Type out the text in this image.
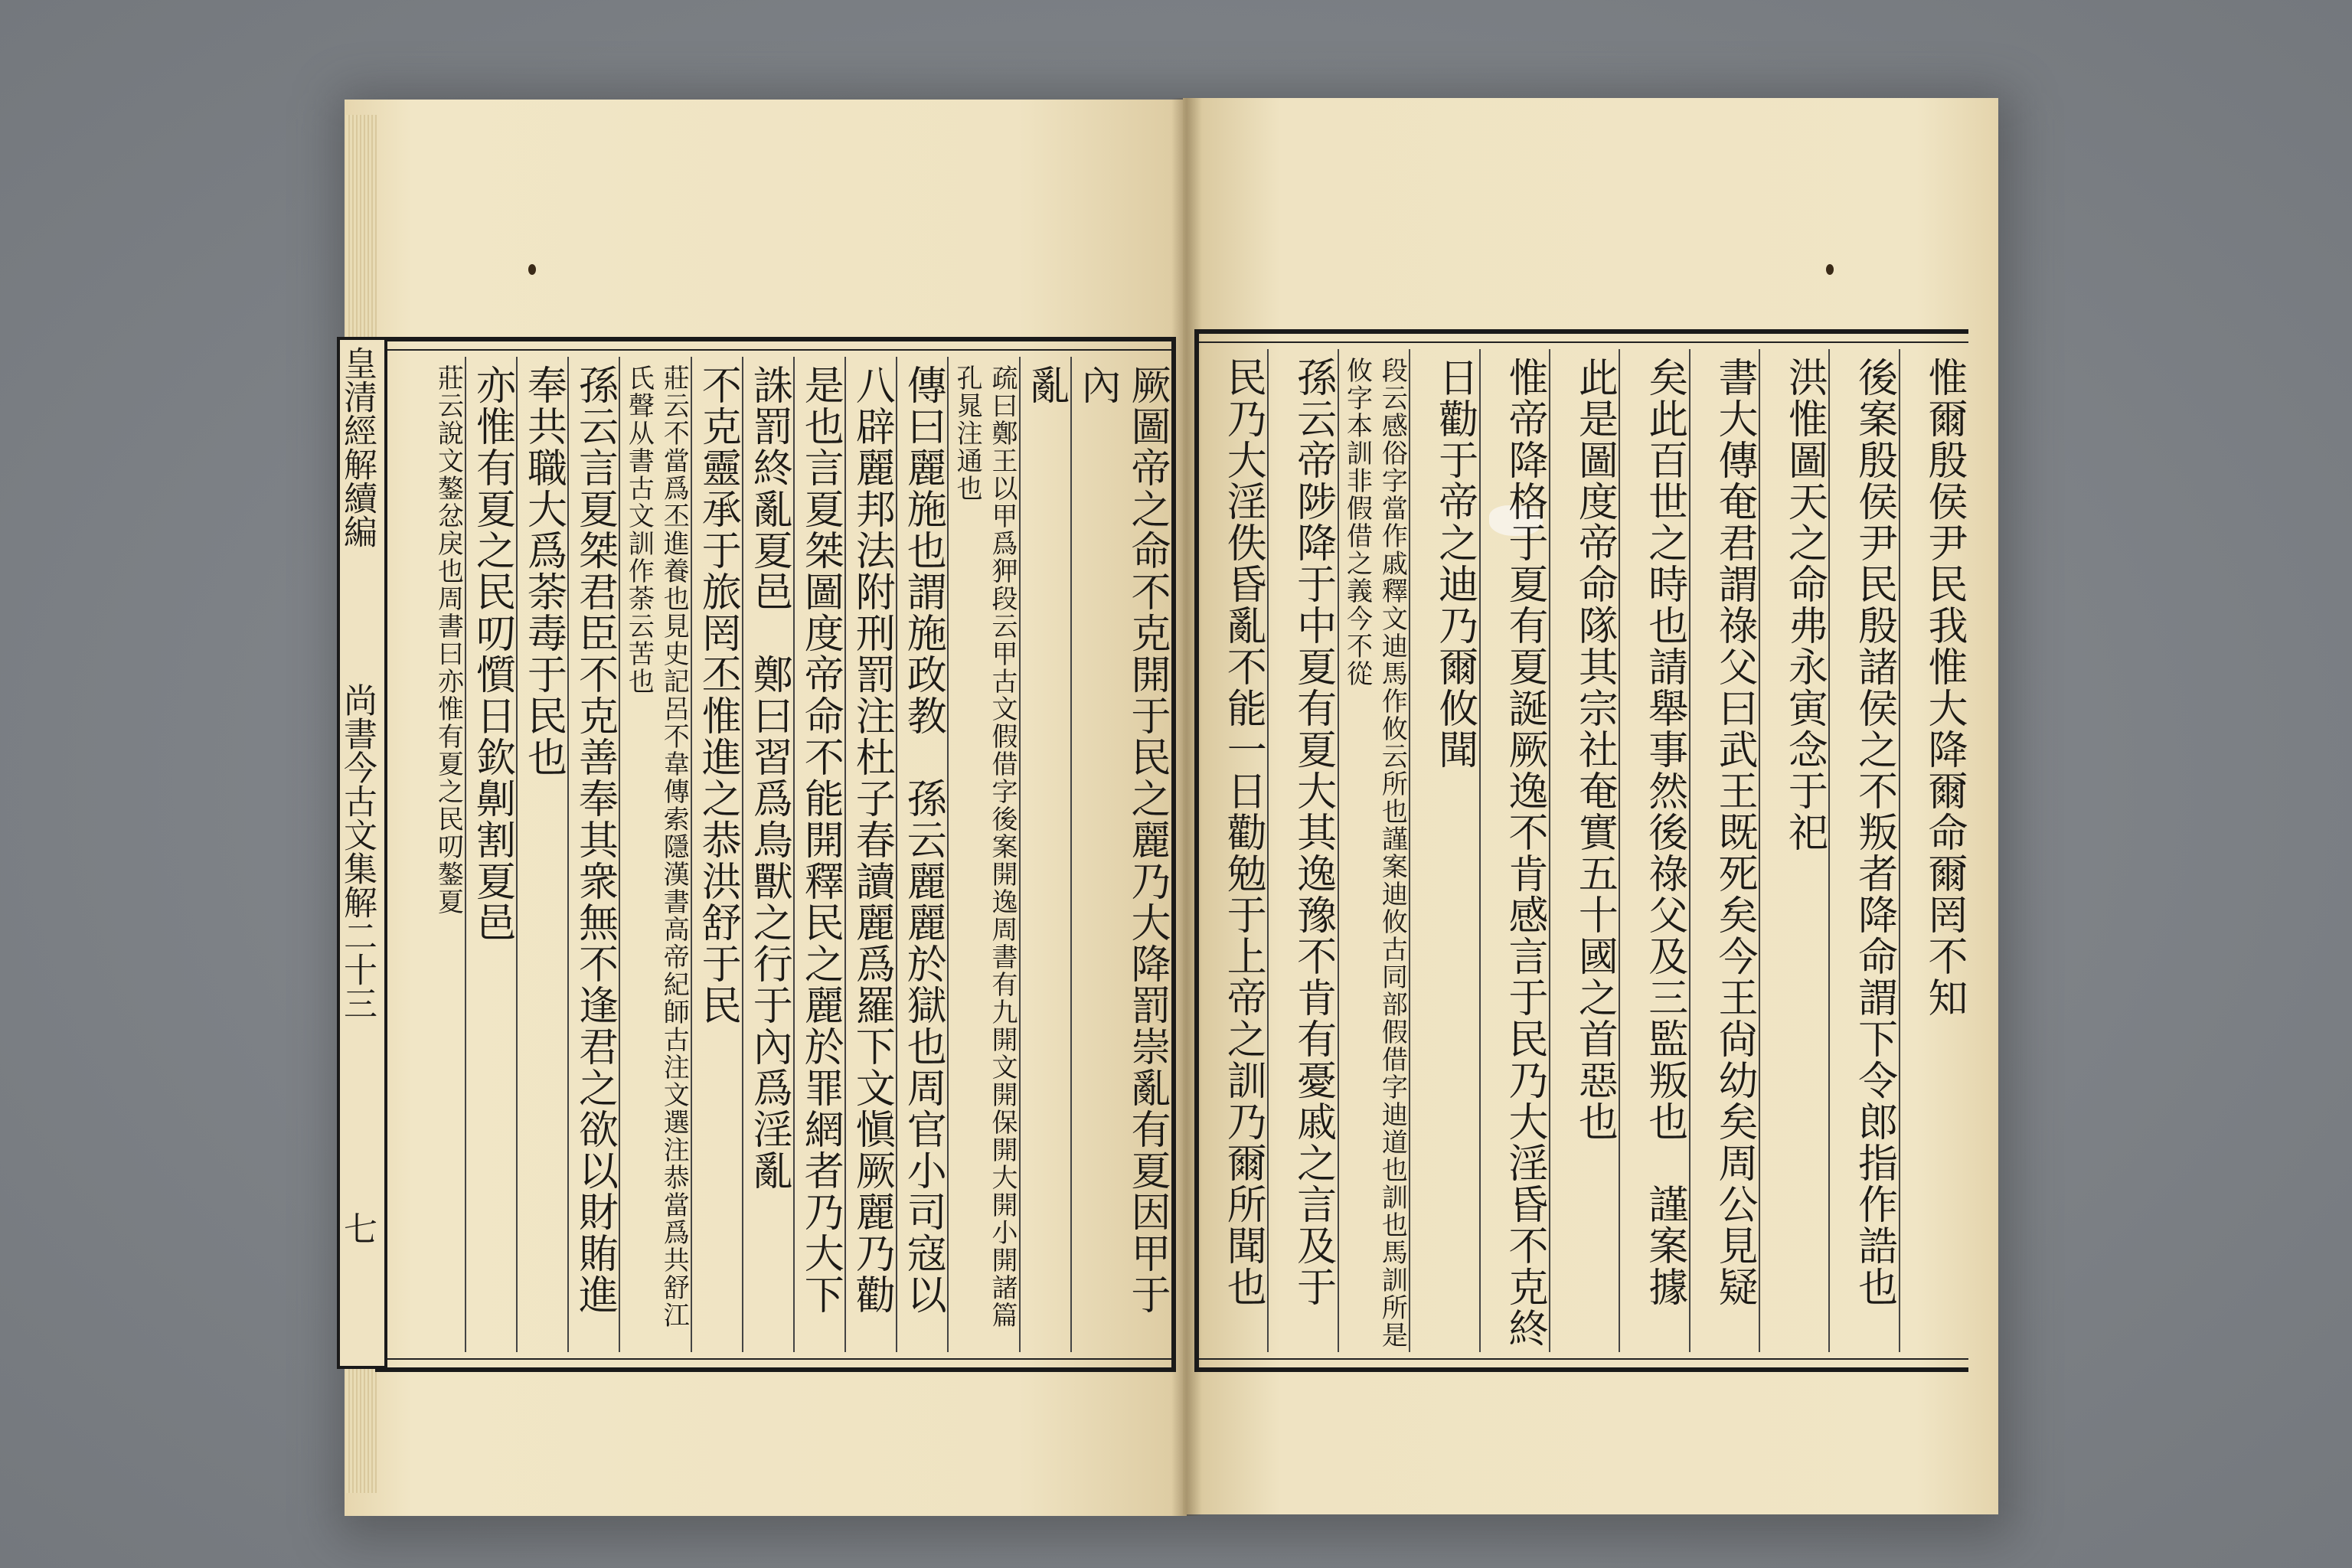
惟爾殷侯尹民我惟大降爾命爾罔不知
後案殷侯尹民殷諸侯之不叛者降命謂下令郎指作誥也
洪惟圖天之命弗永寅念于祀
書大傳奄君謂祿父曰武王既死矣今王尙幼矣周公見疑
矣此百世之時也請舉事然後祿父及三監叛也　謹案據
此是圖度帝命隊其宗社奄實五十國之首惡也
惟帝降格于夏有夏誕厥逸不肯感言于民乃大淫昏不克終
日勸于帝之迪乃爾攸聞
段云感俗字當作戚釋文迪馬作攸云所也謹案迪攸古同部假借字迪道也訓也馬訓所是攸字本訓非假借之義今不從
孫云帝陟降于中夏有夏大其逸豫不肯有憂戚之言及于
民乃大淫佚昏亂不能一日勸勉于上帝之訓乃爾所聞也
厥圖帝之命不克開于民之麗乃大降罰崇亂有夏因甲于內
亂
疏曰鄭王以甲爲狎段云甲古文假借字後案開逸周書有九開文開保開大開小開諸篇孔晁注通也
傳曰麗施也謂施政教　孫云麗麗於獄也周官小司寇以
八辟麗邦法附刑罰注杜子春讀麗爲羅下文愼厥麗乃勸
是也言夏桀圖度帝命不能開釋民之麗於罪網者乃大下
誅罰終亂夏邑　鄭曰習爲鳥獸之行于內爲淫亂
不克靈承于旅罔丕惟進之恭洪舒于民
莊云不當爲丕進養也見史記呂不韋傳索隱漢書高帝紀師古注文選注恭當爲共舒江氏聲从書古文訓作荼云苦也
孫云言夏桀君臣不克善奉其衆無不逢君之欲以財賄進
奉共職大爲荼毒于民也
亦惟有夏之民叨懫日欽劓割夏邑
莊云說文鏊忿戾也周書曰亦惟有夏之民叨鏊夏
皇清經解續編
尚書今古文集解二十三
七
